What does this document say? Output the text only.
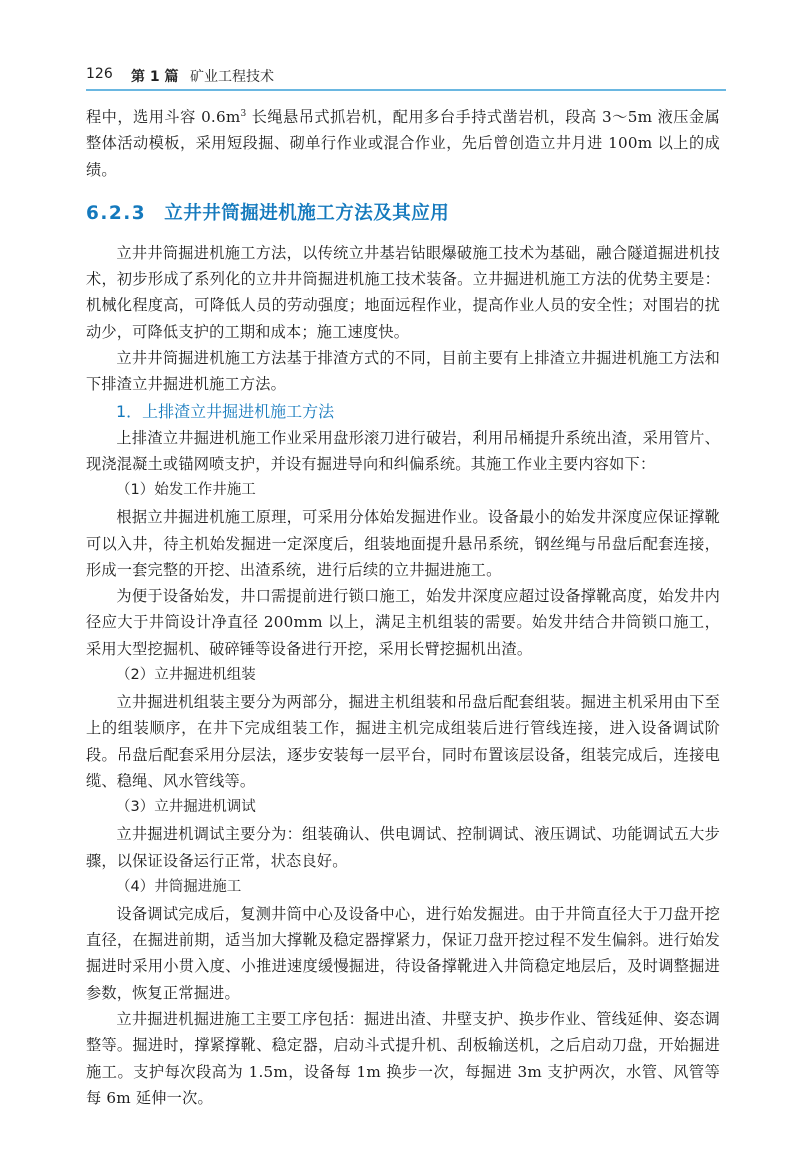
126 第 1 篇 矿业工程技术

程中，选用斗容 $0.6m^3$ 长绳悬吊式抓岩机，配用多台手持式凿岩机，段高 3～5m 液压金属整体活动模板，采用短段掘、砌单行作业或混合作业，先后曾创造立井月进 100m 以上的成绩。

6.2.3 立井井筒掘进机施工方法及其应用

立井井筒掘进机施工方法，以传统立井基岩钻眼爆破施工技术为基础，融合隧道掘进机技术，初步形成了系列化的立井井筒掘进机施工技术装备。立井掘进机施工方法的优势主要是：机械化程度高，可降低人员的劳动强度；地面远程作业，提高作业人员的安全性；对围岩的扰动少，可降低支护的工期和成本；施工速度快。

立井井筒掘进机施工方法基于排渣方式的不同，目前主要有上排渣立井掘进机施工方法和下排渣立井掘进机施工方法。

1．上排渣立井掘进机施工方法

上排渣立井掘进机施工作业采用盘形滚刀进行破岩，利用吊桶提升系统出渣，采用管片、现浇混凝土或锚网喷支护，并设有掘进导向和纠偏系统。其施工作业主要内容如下：

（1）始发工作井施工

根据立井掘进机施工原理，可采用分体始发掘进作业。设备最小的始发井深度应保证撑靴可以入井，待主机始发掘进一定深度后，组装地面提升悬吊系统，钢丝绳与吊盘后配套连接，形成一套完整的开挖、出渣系统，进行后续的立井掘进施工。

为便于设备始发，井口需提前进行锁口施工，始发井深度应超过设备撑靴高度，始发井内径应大于井筒设计净直径 200mm 以上，满足主机组装的需要。始发井结合井筒锁口施工，采用大型挖掘机、破碎锤等设备进行开挖，采用长臂挖掘机出渣。

（2）立井掘进机组装

立井掘进机组装主要分为两部分，掘进主机组装和吊盘后配套组装。掘进主机采用由下至上的组装顺序，在井下完成组装工作，掘进主机完成组装后进行管线连接，进入设备调试阶段。吊盘后配套采用分层法，逐步安装每一层平台，同时布置该层设备，组装完成后，连接电缆、稳绳、风水管线等。

（3）立井掘进机调试

立井掘进机调试主要分为：组装确认、供电调试、控制调试、液压调试、功能调试五大步骤，以保证设备运行正常，状态良好。

（4）井筒掘进施工

设备调试完成后，复测井筒中心及设备中心，进行始发掘进。由于井筒直径大于刀盘开挖直径，在掘进前期，适当加大撑靴及稳定器撑紧力，保证刀盘开挖过程不发生偏斜。进行始发掘进时采用小贯入度、小推进速度缓慢掘进，待设备撑靴进入井筒稳定地层后，及时调整掘进参数，恢复正常掘进。

立井掘进机掘进施工主要工序包括：掘进出渣、井壁支护、换步作业、管线延伸、姿态调整等。掘进时，撑紧撑靴、稳定器，启动斗式提升机、刮板输送机，之后启动刀盘，开始掘进施工。支护每次段高为 1.5m，设备每 1m 换步一次，每掘进 3m 支护两次，水管、风管等每 6m 延伸一次。
